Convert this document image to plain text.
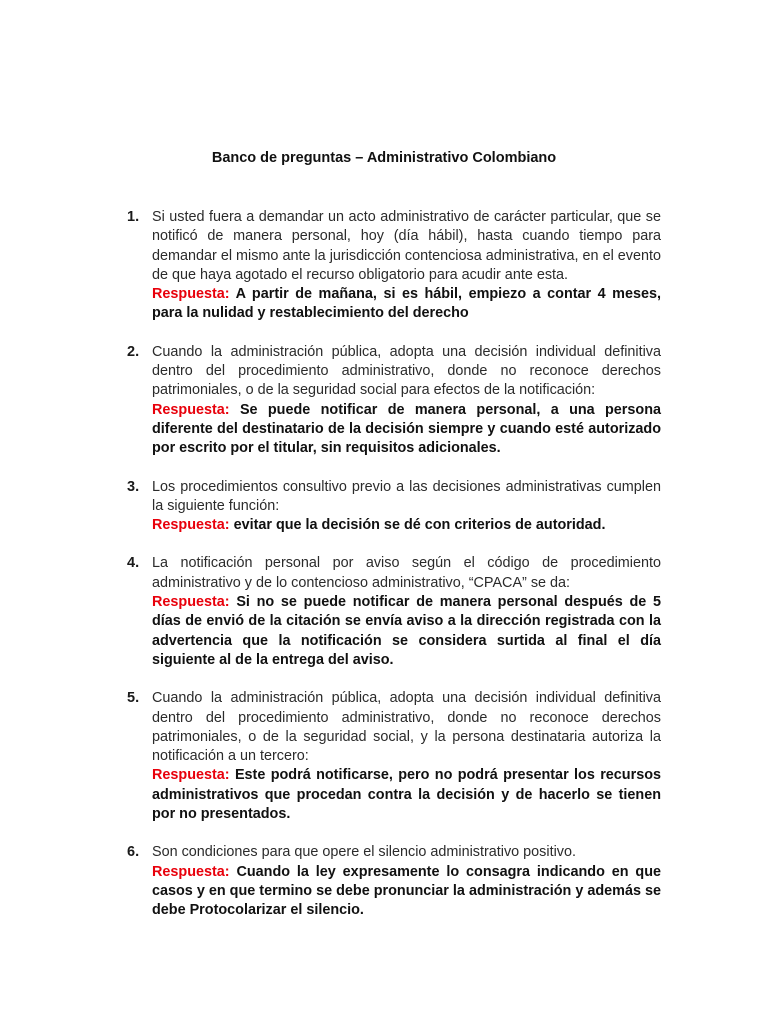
Banco de preguntas – Administrativo Colombiano
1. Si usted fuera a demandar un acto administrativo de carácter particular, que se notificó de manera personal, hoy (día hábil), hasta cuando tiempo para demandar el mismo ante la jurisdicción contenciosa administrativa, en el evento de que haya agotado el recurso obligatorio para acudir ante esta.

Respuesta: A partir de mañana, si es hábil, empiezo a contar 4 meses, para la nulidad y restablecimiento del derecho

2. Cuando la administración pública, adopta una decisión individual definitiva dentro del procedimiento administrativo, donde no reconoce derechos patrimoniales, o de la seguridad social para efectos de la notificación:

Respuesta: Se puede notificar de manera personal, a una persona diferente del destinatario de la decisión siempre y cuando esté autorizado por escrito por el titular, sin requisitos adicionales.

3. Los procedimientos consultivo previo a las decisiones administrativas cumplen la siguiente función:

Respuesta: evitar que la decisión se dé con criterios de autoridad.

4. La notificación personal por aviso según el código de procedimiento administrativo y de lo contencioso administrativo, “CPACA” se da:

Respuesta: Si no se puede notificar de manera personal después de 5 días de envió de la citación se envía aviso a la dirección registrada con la advertencia que la notificación se considera surtida al final el día siguiente al de la entrega del aviso.

5. Cuando la administración pública, adopta una decisión individual definitiva dentro del procedimiento administrativo, donde no reconoce derechos patrimoniales, o de la seguridad social, y la persona destinataria autoriza la notificación a un tercero:

Respuesta: Este podrá notificarse, pero no podrá presentar los recursos administrativos que procedan contra la decisión y de hacerlo se tienen por no presentados.

6. Son condiciones para que opere el silencio administrativo positivo.

Respuesta: Cuando la ley expresamente lo consagra indicando en que casos y en que termino se debe pronunciar la administración y además se debe Protocolarizar el silencio.
